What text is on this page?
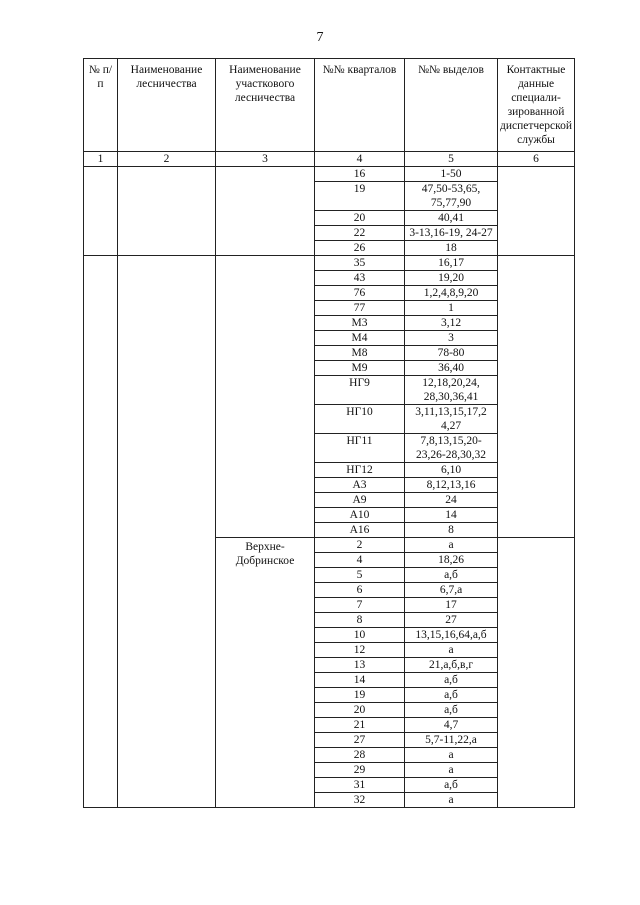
7
№ п/п	Наименование лесничества	Наименование участкового лесничества	№№ кварталов	№№ выделов	Контактные данные специали-зированной диспетчерской службы
1	2	3	4	5	6
			16	1-50	
			19	47,50-53,65, 75,77,90	
			20	40,41	
			22	3-13,16-19, 24-27	
			26	18	
			35	16,17	
			43	19,20	
			76	1,2,4,8,9,20	
			77	1	
			М3	3,12	
			М4	3	
			М8	78-80	
			М9	36,40	
			НГ9	12,18,20,24, 28,30,36,41	
			НГ10	3,11,13,15,17,2 4,27	
			НГ11	7,8,13,15,20-23,26-28,30,32	
			НГ12	6,10	
			А3	8,12,13,16	
			А9	24	
			А10	14	
			А16	8	
		Верхне-Добринское	2	а	
			4	18,26	
			5	а,б	
			6	6,7,а	
			7	17	
			8	27	
			10	13,15,16,64,а,б	
			12	а	
			13	21,а,б,в,г	
			14	а,б	
			19	а,б	
			20	а,б	
			21	4,7	
			27	5,7-11,22,а	
			28	а	
			29	а	
			31	а,б	
			32	а	
